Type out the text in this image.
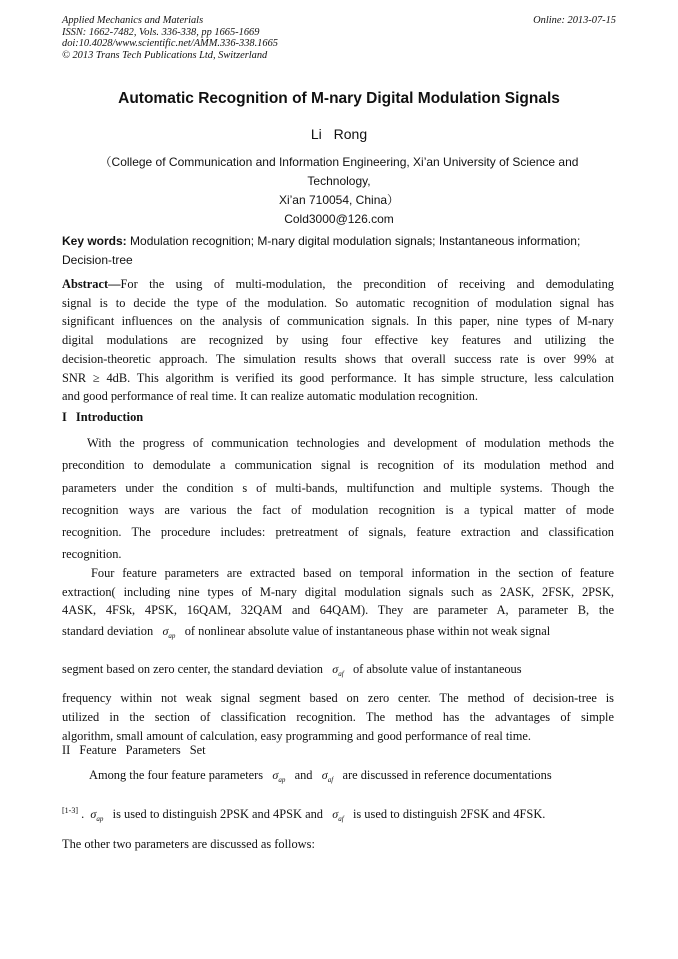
Applied Mechanics and Materials
ISSN: 1662-7482, Vols. 336-338, pp 1665-1669
doi:10.4028/www.scientific.net/AMM.336-338.1665
© 2013 Trans Tech Publications Ltd, Switzerland
Online: 2013-07-15
Automatic Recognition of M-nary Digital Modulation Signals
Li Rong
（College of Communication and Information Engineering, Xi’an University of Science and
Technology,
Xi’an 710054, China）
Cold3000@126.com
Key words: Modulation recognition; M-nary digital modulation signals; Instantaneous information; Decision-tree
Abstract—For the using of multi-modulation, the precondition of receiving and demodulating
signal is to decide the type of the modulation. So automatic recognition of modulation signal has
significant influences on the analysis of communication signals. In this paper, nine types of M-nary
digital modulations are recognized by using four effective key features and utilizing the
decision-theoretic approach. The simulation results shows that overall success rate is over 99% at
SNR ≥ 4dB. This algorithm is verified its good performance. It has simple structure, less calculation
and good performance of real time. It can realize automatic modulation recognition.
I Introduction
With the progress of communication technologies and development of modulation methods the
precondition to demodulate a communication signal is recognition of its modulation method and
parameters under the condition s of multi-bands, multifunction and multiple systems. Though the
recognition ways are various the fact of modulation recognition is a typical matter of mode
recognition. The procedure includes: pretreatment of signals, feature extraction and classification
recognition.
Four feature parameters are extracted based on temporal information in the section of feature
extraction( including nine types of M-nary digital modulation signals such as 2ASK, 2FSK, 2PSK,
4ASK, 4FSk, 4PSK, 16QAM, 32QAM and 64QAM). They are parameter A, parameter B, the
standard deviation $\sigma_{ap}$ of nonlinear absolute value of instantaneous phase within not weak signal
segment based on zero center, the standard deviation $\sigma_{af}$ of absolute value of instantaneous
frequency within not weak signal segment based on zero center. The method of decision-tree is
utilized in the section of classification recognition. The method has the advantages of simple
algorithm, small amount of calculation, easy programming and good performance of real time.
II Feature Parameters Set
Among the four feature parameters $\sigma_{ap}$ and $\sigma_{af}$ are discussed in reference documentations
[1-3] . $\sigma_{ap}$ is used to distinguish 2PSK and 4PSK and $\sigma_{af}$ is used to distinguish 2FSK and 4FSK.
The other two parameters are discussed as follows:
